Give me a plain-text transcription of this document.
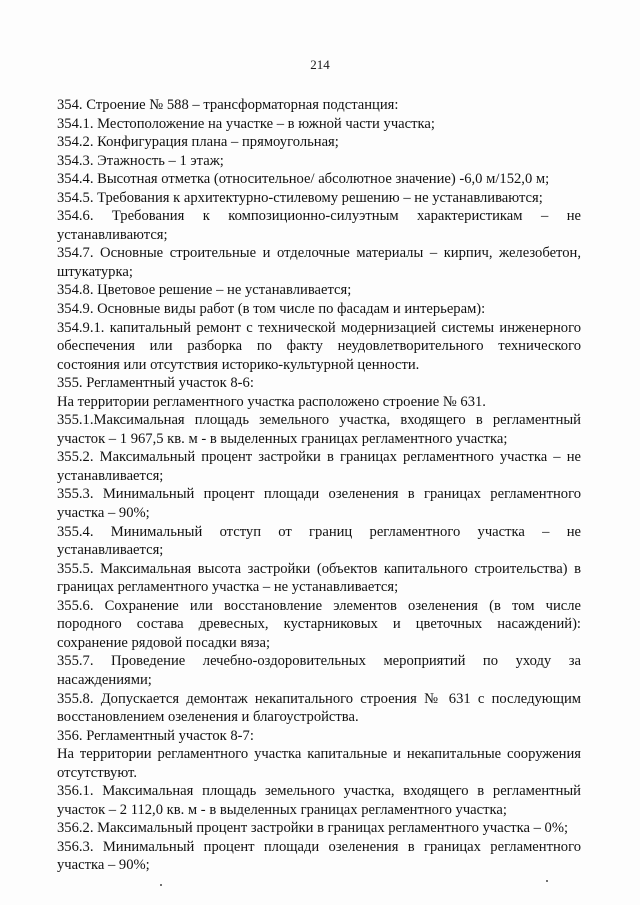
214

354. Строение № 588 – трансформаторная подстанция:

354.1. Местоположение на участке – в южной части участка;

354.2. Конфигурация плана – прямоугольная;

354.3. Этажность – 1 этаж;

354.4. Высотная отметка (относительное/ абсолютное значение) -6,0 м/152,0 м;

354.5. Требования к архитектурно-стилевому решению – не устанавливаются;

354.6. Требования к композиционно-силуэтным характеристикам – не устанавливаются;

354.7. Основные строительные и отделочные материалы – кирпич, железобетон, штукатурка;

354.8. Цветовое решение – не устанавливается;

354.9. Основные виды работ (в том числе по фасадам и интерьерам):

354.9.1. капитальный ремонт с технической модернизацией системы инженерного обеспечения или разборка по факту неудовлетворительного технического состояния или отсутствия историко-культурной ценности.

355. Регламентный участок 8-6:

На территории регламентного участка расположено строение № 631.

355.1.Максимальная площадь земельного участка, входящего в регламентный участок – 1 967,5 кв. м - в выделенных границах регламентного участка;

355.2. Максимальный процент застройки в границах регламентного участка – не устанавливается;

355.3. Минимальный процент площади озеленения в границах регламентного участка – 90%;

355.4. Минимальный отступ от границ регламентного участка – не устанавливается;

355.5. Максимальная высота застройки (объектов капитального строительства) в границах регламентного участка – не устанавливается;

355.6. Сохранение или восстановление элементов озеленения (в том числе породного состава древесных, кустарниковых и цветочных насаждений): сохранение рядовой посадки вяза;

355.7. Проведение лечебно-оздоровительных мероприятий по уходу за насаждениями;

355.8. Допускается демонтаж некапитального строения № 631 с последующим восстановлением озеленения и благоустройства.

356. Регламентный участок 8-7:

На территории регламентного участка капитальные и некапитальные сооружения отсутствуют.

356.1. Максимальная площадь земельного участка, входящего в регламентный участок – 2 112,0 кв. м - в выделенных границах регламентного участка;

356.2. Максимальный процент застройки в границах регламентного участка – 0%;

356.3. Минимальный процент площади озеленения в границах регламентного участка – 90%;
